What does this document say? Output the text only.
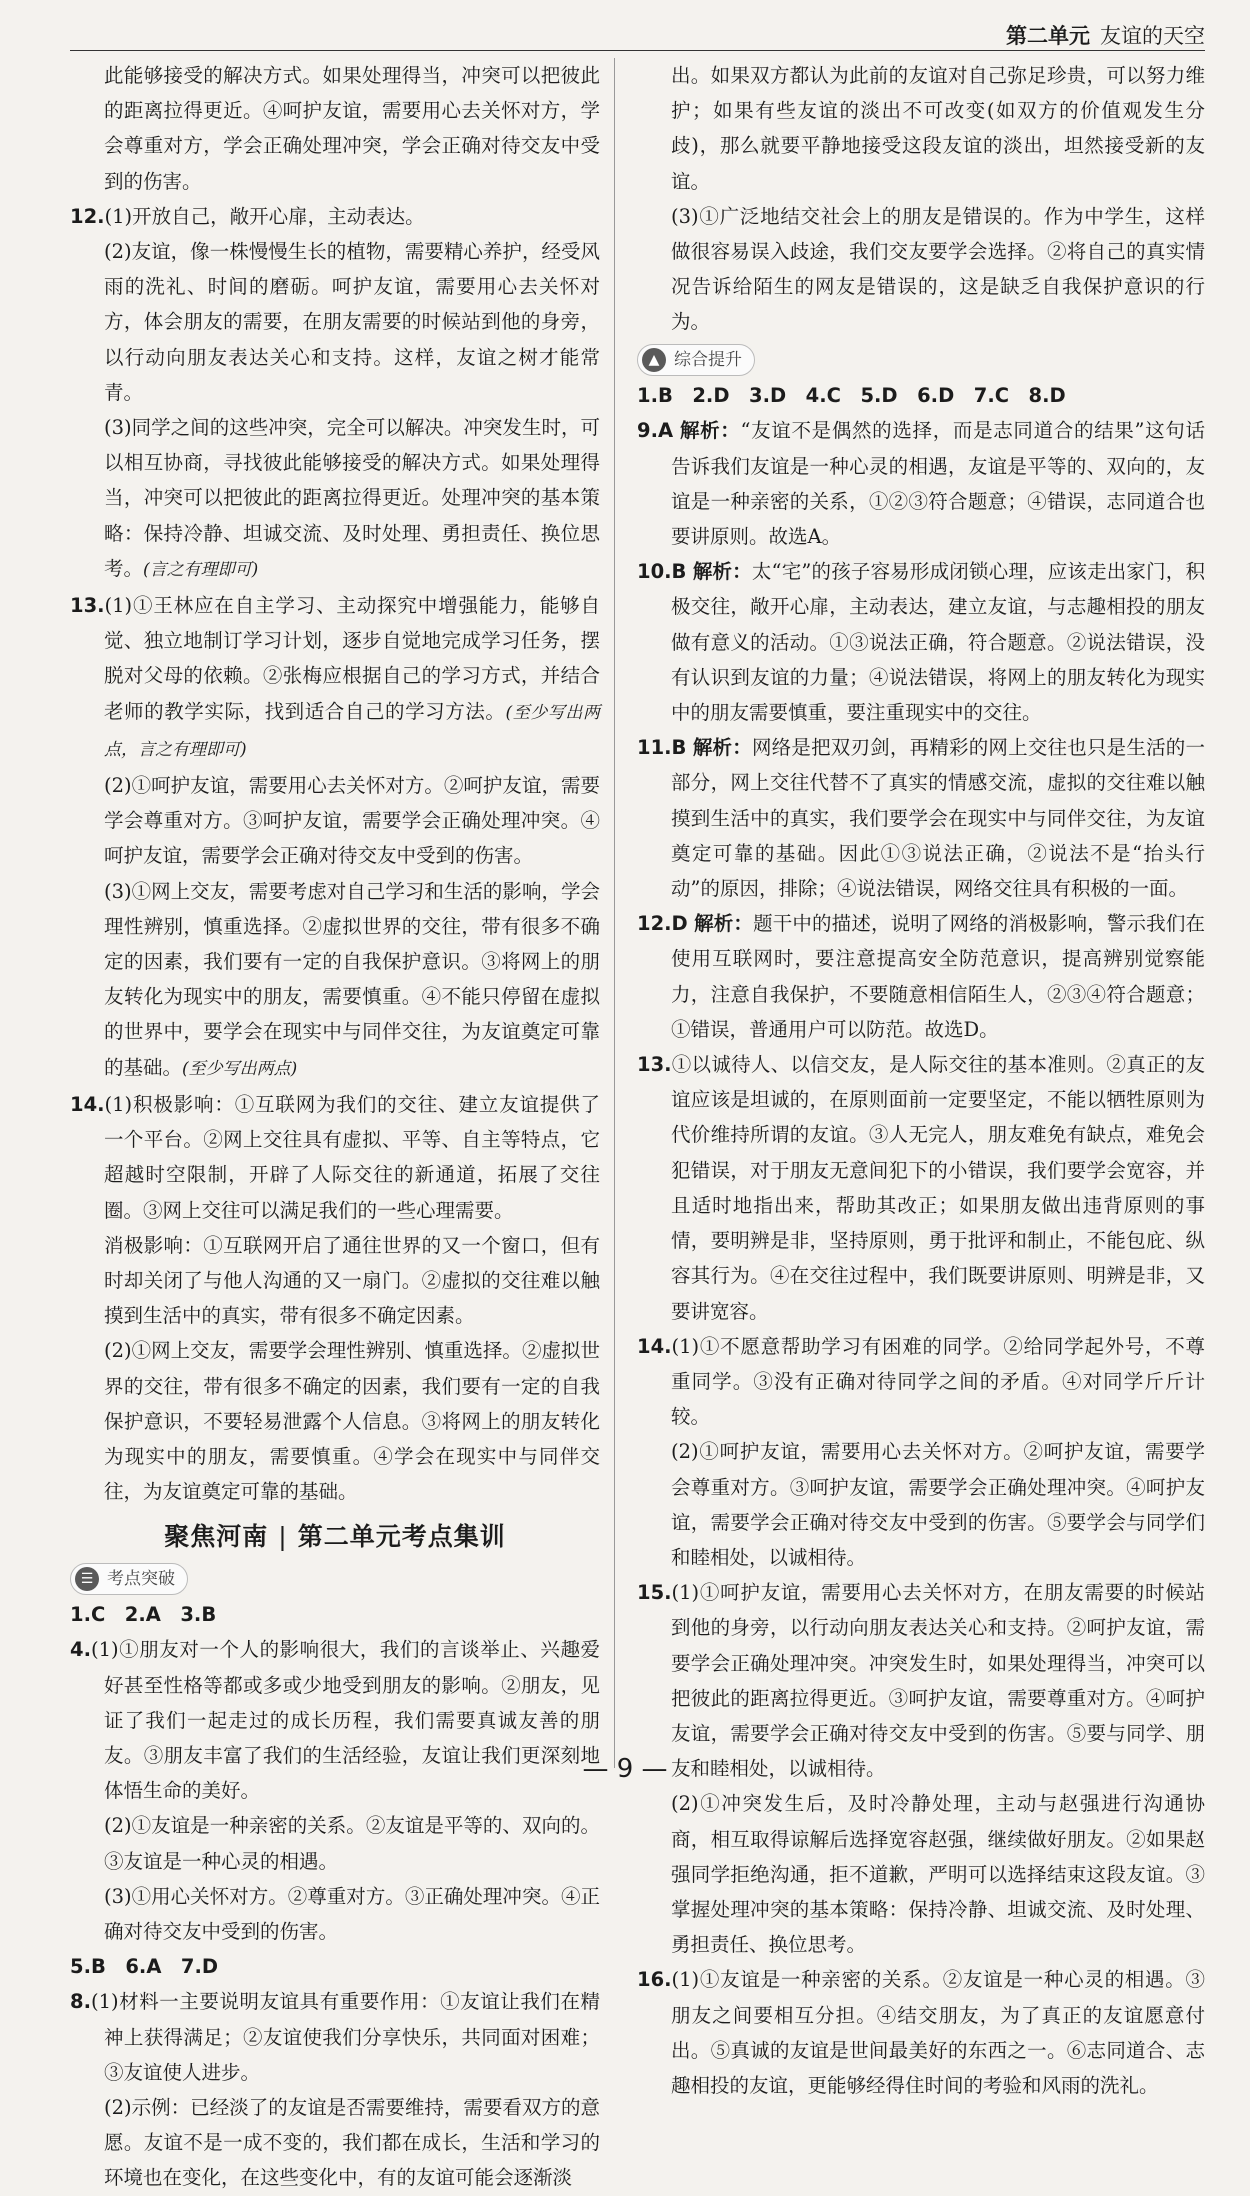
第二单元 友谊的天空

此能够接受的解决方式。如果处理得当，冲突可以把彼此的距离拉得更近。④呵护友谊，需要用心去关怀对方，学会尊重对方，学会正确处理冲突，学会正确对待交友中受到的伤害。

12.(1)开放自己，敞开心扉，主动表达。

(2)友谊，像一株慢慢生长的植物，需要精心养护，经受风雨的洗礼、时间的磨砺。呵护友谊，需要用心去关怀对方，体会朋友的需要，在朋友需要的时候站到他的身旁，以行动向朋友表达关心和支持。这样，友谊之树才能常青。

(3)同学之间的这些冲突，完全可以解决。冲突发生时，可以相互协商，寻找彼此能够接受的解决方式。如果处理得当，冲突可以把彼此的距离拉得更近。处理冲突的基本策略：保持冷静、坦诚交流、及时处理、勇担责任、换位思考。(言之有理即可)

13.(1)①王林应在自主学习、主动探究中增强能力，能够自觉、独立地制订学习计划，逐步自觉地完成学习任务，摆脱对父母的依赖。②张梅应根据自己的学习方式，并结合老师的教学实际，找到适合自己的学习方法。(至少写出两点，言之有理即可)

(2)①呵护友谊，需要用心去关怀对方。②呵护友谊，需要学会尊重对方。③呵护友谊，需要学会正确处理冲突。④呵护友谊，需要学会正确对待交友中受到的伤害。

(3)①网上交友，需要考虑对自己学习和生活的影响，学会理性辨别，慎重选择。②虚拟世界的交往，带有很多不确定的因素，我们要有一定的自我保护意识。③将网上的朋友转化为现实中的朋友，需要慎重。④不能只停留在虚拟的世界中，要学会在现实中与同伴交往，为友谊奠定可靠的基础。(至少写出两点)

14.(1)积极影响：①互联网为我们的交往、建立友谊提供了一个平台。②网上交往具有虚拟、平等、自主等特点，它超越时空限制，开辟了人际交往的新通道，拓展了交往圈。③网上交往可以满足我们的一些心理需要。

消极影响：①互联网开启了通往世界的又一个窗口，但有时却关闭了与他人沟通的又一扇门。②虚拟的交往难以触摸到生活中的真实，带有很多不确定因素。

(2)①网上交友，需要学会理性辨别、慎重选择。②虚拟世界的交往，带有很多不确定的因素，我们要有一定的自我保护意识，不要轻易泄露个人信息。③将网上的朋友转化为现实中的朋友，需要慎重。④学会在现实中与同伴交往，为友谊奠定可靠的基础。

聚焦河南 | 第二单元考点集训
☰ 考点突破

1.C　2.A　3.B

4.(1)①朋友对一个人的影响很大，我们的言谈举止、兴趣爱好甚至性格等都或多或少地受到朋友的影响。②朋友，见证了我们一起走过的成长历程，我们需要真诚友善的朋友。③朋友丰富了我们的生活经验，友谊让我们更深刻地体悟生命的美好。

(2)①友谊是一种亲密的关系。②友谊是平等的、双向的。③友谊是一种心灵的相遇。

(3)①用心关怀对方。②尊重对方。③正确处理冲突。④正确对待交友中受到的伤害。

5.B　6.A　7.D

8.(1)材料一主要说明友谊具有重要作用：①友谊让我们在精神上获得满足；②友谊使我们分享快乐，共同面对困难；③友谊使人进步。

(2)示例：已经淡了的友谊是否需要维持，需要看双方的意愿。友谊不是一成不变的，我们都在成长，生活和学习的环境也在变化，在这些变化中，有的友谊可能会逐渐淡

出。如果双方都认为此前的友谊对自己弥足珍贵，可以努力维护；如果有些友谊的淡出不可改变(如双方的价值观发生分歧)，那么就要平静地接受这段友谊的淡出，坦然接受新的友谊。

(3)①广泛地结交社会上的朋友是错误的。作为中学生，这样做很容易误入歧途，我们交友要学会选择。②将自己的真实情况告诉给陌生的网友是错误的，这是缺乏自我保护意识的行为。

▲ 综合提升

1.B　2.D　3.D　4.C　5.D　6.D　7.C　8.D

9.A 解析：“友谊不是偶然的选择，而是志同道合的结果”这句话告诉我们友谊是一种心灵的相遇，友谊是平等的、双向的，友谊是一种亲密的关系，①②③符合题意；④错误，志同道合也要讲原则。故选A。

10.B 解析：太“宅”的孩子容易形成闭锁心理，应该走出家门，积极交往，敞开心扉，主动表达，建立友谊，与志趣相投的朋友做有意义的活动。①③说法正确，符合题意。②说法错误，没有认识到友谊的力量；④说法错误，将网上的朋友转化为现实中的朋友需要慎重，要注重现实中的交往。

11.B 解析：网络是把双刃剑，再精彩的网上交往也只是生活的一部分，网上交往代替不了真实的情感交流，虚拟的交往难以触摸到生活中的真实，我们要学会在现实中与同伴交往，为友谊奠定可靠的基础。因此①③说法正确，②说法不是“抬头行动”的原因，排除；④说法错误，网络交往具有积极的一面。

12.D 解析：题干中的描述，说明了网络的消极影响，警示我们在使用互联网时，要注意提高安全防范意识，提高辨别觉察能力，注意自我保护，不要随意相信陌生人，②③④符合题意；①错误，普通用户可以防范。故选D。

13.①以诚待人、以信交友，是人际交往的基本准则。②真正的友谊应该是坦诚的，在原则面前一定要坚定，不能以牺牲原则为代价维持所谓的友谊。③人无完人，朋友难免有缺点，难免会犯错误，对于朋友无意间犯下的小错误，我们要学会宽容，并且适时地指出来，帮助其改正；如果朋友做出违背原则的事情，要明辨是非，坚持原则，勇于批评和制止，不能包庇、纵容其行为。④在交往过程中，我们既要讲原则、明辨是非，又要讲宽容。

14.(1)①不愿意帮助学习有困难的同学。②给同学起外号，不尊重同学。③没有正确对待同学之间的矛盾。④对同学斤斤计较。

(2)①呵护友谊，需要用心去关怀对方。②呵护友谊，需要学会尊重对方。③呵护友谊，需要学会正确处理冲突。④呵护友谊，需要学会正确对待交友中受到的伤害。⑤要学会与同学们和睦相处，以诚相待。

15.(1)①呵护友谊，需要用心去关怀对方，在朋友需要的时候站到他的身旁，以行动向朋友表达关心和支持。②呵护友谊，需要学会正确处理冲突。冲突发生时，如果处理得当，冲突可以把彼此的距离拉得更近。③呵护友谊，需要尊重对方。④呵护友谊，需要学会正确对待交友中受到的伤害。⑤要与同学、朋友和睦相处，以诚相待。

(2)①冲突发生后，及时冷静处理，主动与赵强进行沟通协商，相互取得谅解后选择宽容赵强，继续做好朋友。②如果赵强同学拒绝沟通，拒不道歉，严明可以选择结束这段友谊。③掌握处理冲突的基本策略：保持冷静、坦诚交流、及时处理、勇担责任、换位思考。

16.(1)①友谊是一种亲密的关系。②友谊是一种心灵的相遇。③朋友之间要相互分担。④结交朋友，为了真正的友谊愿意付出。⑤真诚的友谊是世间最美好的东西之一。⑥志同道合、志趣相投的友谊，更能够经得住时间的考验和风雨的洗礼。

— 9 —
